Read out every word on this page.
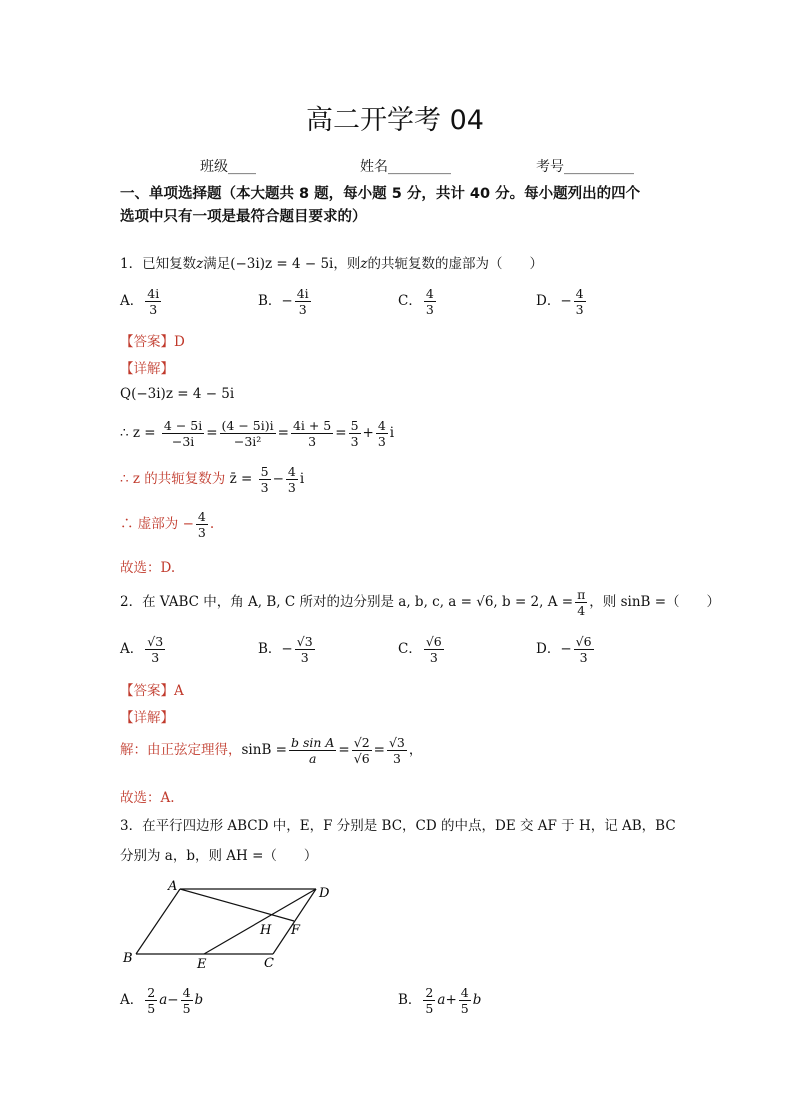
高二开学考 04
班级____	姓名_________	考号__________
一、单项选择题（本大题共 8 题，每小题 5 分，共计 40 分。每小题列出的四个
选项中只有一项是最符合题目要求的）
1．已知复数z满足(−3i)z = 4 − 5i，则z的共轭复数的虚部为（　　）
A． $\frac{4i}{3}$	B．− $\frac{4i}{3}$	C． $\frac{4}{3}$	D．− $\frac{4}{3}$
【答案】D
【详解】
Q(−3i)z = 4 − 5i
∴ $z = \frac{4 - 5i}{-3i} = \frac{(4 - 5i)i}{\text{−3i²}} = \frac{4i + 5}{3} = \frac{5}{3} + \frac{4}{3}$ i
∴ z 的共轭复数为 z̄ = $\frac{5}{3} - \frac{4}{3}$ i
∴ 虚部为 − $\frac{4}{3}$ .
故选：D.
2．在 VABC 中，角 A, B, C 所对的边分别是 a, b, c, a = √6, b = 2, $A = \frac{\pi}{4}$ ，则 sinB =（　　）
A． $\frac{√3}{3}$	B．− $\frac{√3}{3}$	C． $\frac{√6}{3}$	D．− $\frac{√6}{3}$
【答案】A
【详解】
解：由正弦定理得，$\sin B = \frac{\text{b sin A}}{a} = \frac{√2}{√6} = \frac{√3}{3}$ ，
故选：A.
3．在平行四边形 ABCD 中，E，F 分别是 BC，CD 的中点，DE 交 AF 于 H，记 AB，BC
分别为 a，b，则 AH =（　　）
A	D
B	E	C
H F
A． $\frac{2}{5} a- \frac{4}{5}$ b	B． $\frac{2}{5} a+ \frac{4}{5}$ b
